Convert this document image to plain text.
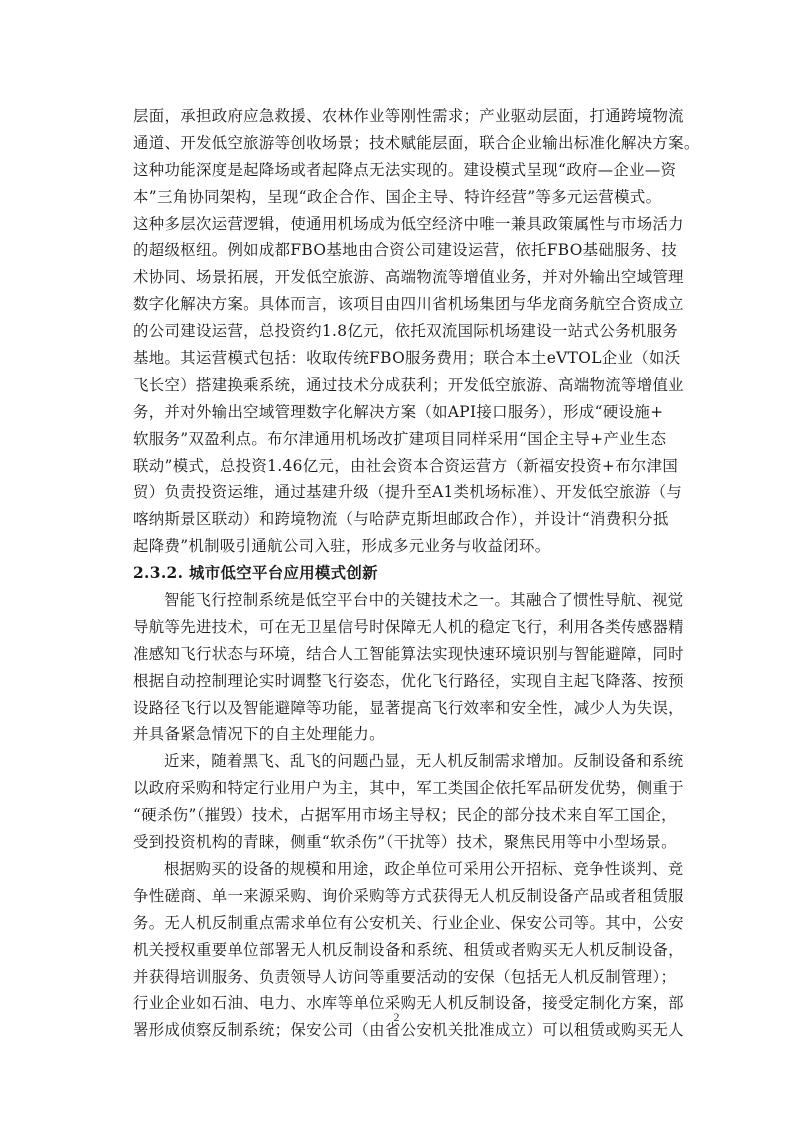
层面，承担政府应急救援、农林作业等刚性需求；产业驱动层面，打通跨境物流
通道、开发低空旅游等创收场景；技术赋能层面，联合企业输出标准化解决方案。
这种功能深度是起降场或者起降点无法实现的。建设模式呈现“政府—企业—资
本”三角协同架构，呈现“政企合作、国企主导、特许经营”等多元运营模式。
这种多层次运营逻辑，使通用机场成为低空经济中唯一兼具政策属性与市场活力
的超级枢纽。例如成都FBO基地由合资公司建设运营，依托FBO基础服务、技
术协同、场景拓展，开发低空旅游、高端物流等增值业务，并对外输出空域管理
数字化解决方案。具体而言，该项目由四川省机场集团与华龙商务航空合资成立
的公司建设运营，总投资约1.8亿元，依托双流国际机场建设一站式公务机服务
基地。其运营模式包括：收取传统FBO服务费用；联合本土eVTOL企业（如沃
飞长空）搭建换乘系统，通过技术分成获利；开发低空旅游、高端物流等增值业
务，并对外输出空域管理数字化解决方案（如API接口服务），形成“硬设施+
软服务”双盈利点。布尔津通用机场改扩建项目同样采用“国企主导+产业生态
联动”模式，总投资1.46亿元，由社会资本合资运营方（新福安投资+布尔津国
贸）负责投资运维，通过基建升级（提升至A1类机场标准）、开发低空旅游（与
喀纳斯景区联动）和跨境物流（与哈萨克斯坦邮政合作），并设计“消费积分抵
起降费”机制吸引通航公司入驻，形成多元业务与收益闭环。
2.3.2. 城市低空平台应用模式创新
智能飞行控制系统是低空平台中的关键技术之一。其融合了惯性导航、视觉
导航等先进技术，可在无卫星信号时保障无人机的稳定飞行，利用各类传感器精
准感知飞行状态与环境，结合人工智能算法实现快速环境识别与智能避障，同时
根据自动控制理论实时调整飞行姿态，优化飞行路径，实现自主起飞降落、按预
设路径飞行以及智能避障等功能，显著提高飞行效率和安全性，减少人为失误，
并具备紧急情况下的自主处理能力。
近来，随着黑飞、乱飞的问题凸显，无人机反制需求增加。反制设备和系统
以政府采购和特定行业用户为主，其中，军工类国企依托军品研发优势，侧重于
“硬杀伤”（摧毁）技术，占据军用市场主导权；民企的部分技术来自军工国企，
受到投资机构的青睐，侧重“软杀伤”（干扰等）技术，聚焦民用等中小型场景。
根据购买的设备的规模和用途，政企单位可采用公开招标、竞争性谈判、竞
争性磋商、单一来源采购、询价采购等方式获得无人机反制设备产品或者租赁服
务。无人机反制重点需求单位有公安机关、行业企业、保安公司等。其中，公安
机关授权重要单位部署无人机反制设备和系统、租赁或者购买无人机反制设备，
并获得培训服务、负责领导人访问等重要活动的安保（包括无人机反制管理）；
行业企业如石油、电力、水库等单位采购无人机反制设备，接受定制化方案，部
署形成侦察反制系统；保安公司（由省公安机关批准成立）可以租赁或购买无人
2
